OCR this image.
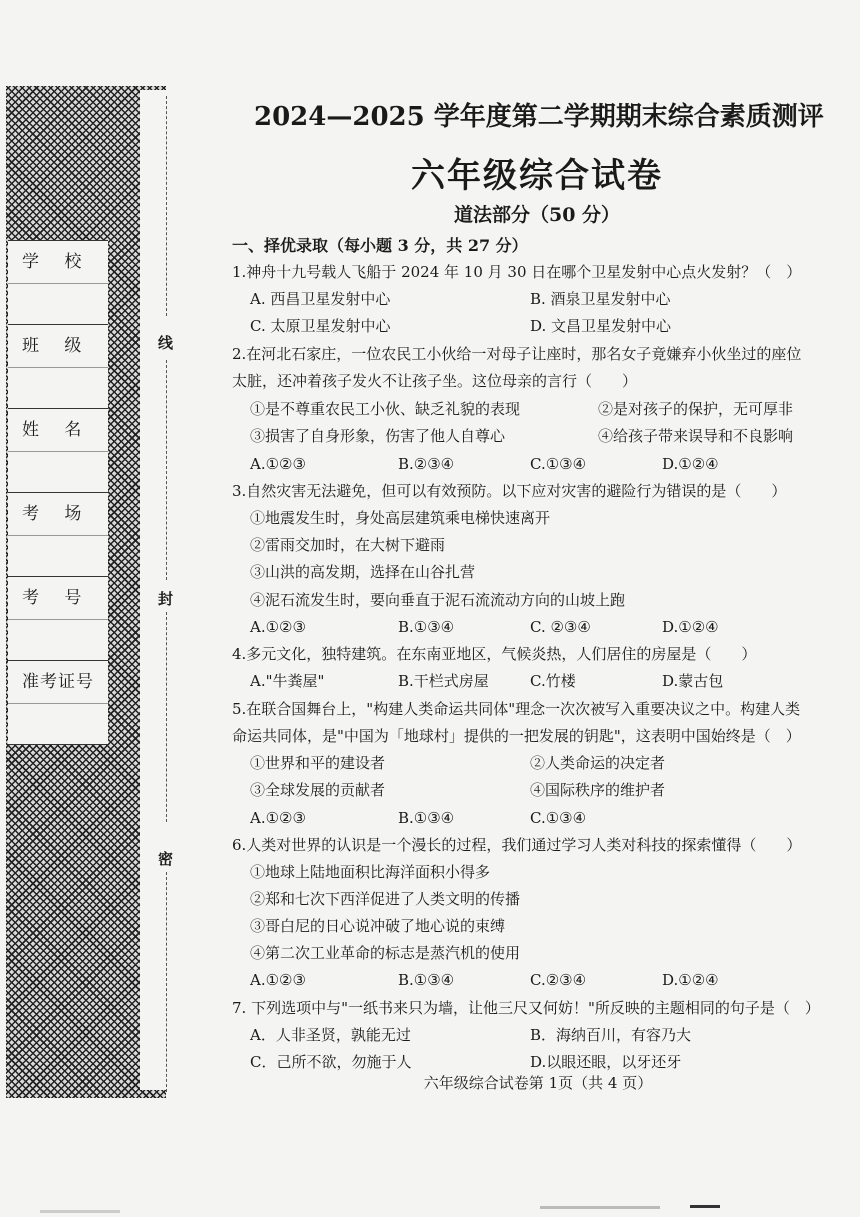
线
封
密
学 校
班 级
姓 名
考 场
考 号
准考证号
2024—2025 学年度第二学期期末综合素质测评
六年级综合试卷
道法部分（50 分）
一、择优录取（每小题 3 分，共 27 分）
1.神舟十九号载人飞船于 2024 年 10 月 30 日在哪个卫星发射中心点火发射？（　）
A. 西昌卫星发射中心	B. 酒泉卫星发射中心
C. 太原卫星发射中心	D. 文昌卫星发射中心
2.在河北石家庄，一位农民工小伙给一对母子让座时，那名女子竟嫌弃小伙坐过的座位
太脏，还冲着孩子发火不让孩子坐。这位母亲的言行（　　）
①是不尊重农民工小伙、缺乏礼貌的表现	②是对孩子的保护，无可厚非
③损害了自身形象，伤害了他人自尊心	④给孩子带来误导和不良影响
A.①②③	B.②③④	C.①③④	D.①②④
3.自然灾害无法避免，但可以有效预防。以下应对灾害的避险行为错误的是（　　）
①地震发生时，身处高层建筑乘电梯快速离开
②雷雨交加时，在大树下避雨
③山洪的高发期，选择在山谷扎营
④泥石流发生时，要向垂直于泥石流流动方向的山坡上跑
A.①②③	B.①③④	C. ②③④	D.①②④
4.多元文化，独特建筑。在东南亚地区，气候炎热，人们居住的房屋是（　　）
A."牛粪屋"	B.干栏式房屋	C.竹楼	D.蒙古包
5.在联合国舞台上，"构建人类命运共同体"理念一次次被写入重要决议之中。构建人类
命运共同体，是"中国为「地球村」提供的一把发展的钥匙"，这表明中国始终是（　）
①世界和平的建设者	②人类命运的决定者
③全球发展的贡献者	④国际秩序的维护者
A.①②③	B.①③④	C.①③④
6.人类对世界的认识是一个漫长的过程，我们通过学习人类对科技的探索懂得（　　）
①地球上陆地面积比海洋面积小得多
②郑和七次下西洋促进了人类文明的传播
③哥白尼的日心说冲破了地心说的束缚
④第二次工业革命的标志是蒸汽机的使用
A.①②③	B.①③④	C.②③④	D.①②④
7. 下列选项中与"一纸书来只为墙，让他三尺又何妨！"所反映的主题相同的句子是（　）
A．人非圣贤，孰能无过	B．海纳百川，有容乃大
C．己所不欲，勿施于人	D.以眼还眼，以牙还牙
六年级综合试卷第 1页（共 4 页）
